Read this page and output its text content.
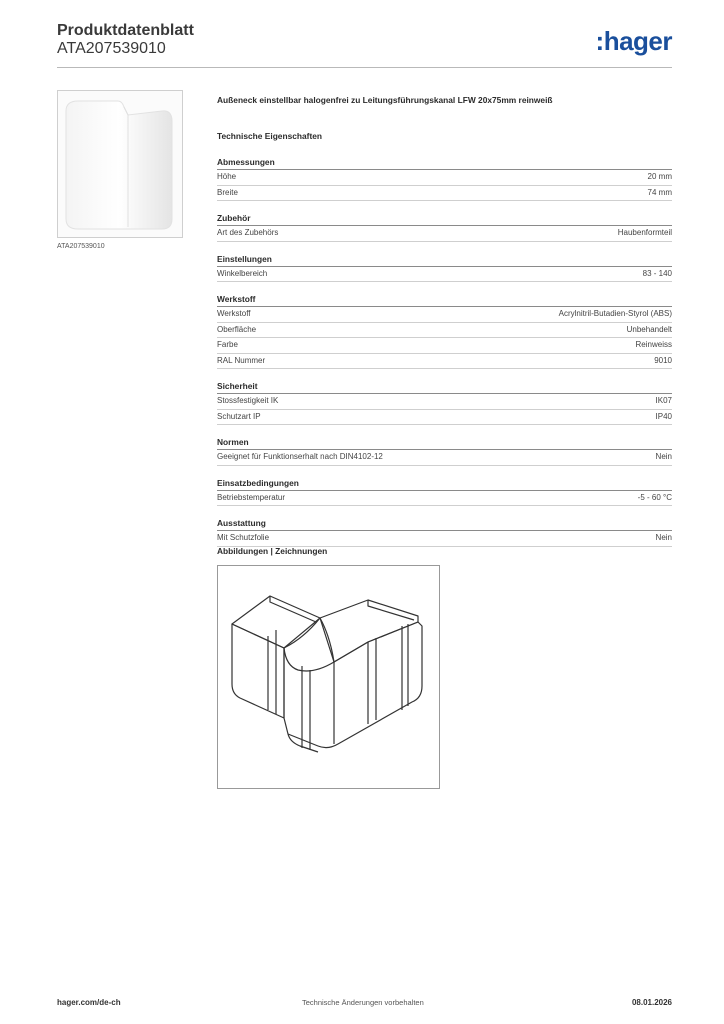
Produktdatenblatt
ATA207539010	:hager
ATA207539010
Außeneck einstellbar halogenfrei zu Leitungsführungskanal LFW 20x75mm reinweiß
Technische Eigenschaften
Abmessungen
Höhe	20 mm
Breite	74 mm
Zubehör
Art des Zubehörs	Haubenformteil
Einstellungen
Winkelbereich	83 - 140
Werkstoff
Werkstoff	Acrylnitril-Butadien-Styrol (ABS)
Oberfläche	Unbehandelt
Farbe	Reinweiss
RAL Nummer	9010
Sicherheit
Stossfestigkeit IK	IK07
Schutzart IP	IP40
Normen
Geeignet für Funktionserhalt nach DIN4102-12	Nein
Einsatzbedingungen
Betriebstemperatur	-5 - 60 °C
Ausstattung
Mit Schutzfolie	Nein
Abbildungen | Zeichnungen
hager.com/de-ch	Technische Änderungen vorbehalten	08.01.2026
